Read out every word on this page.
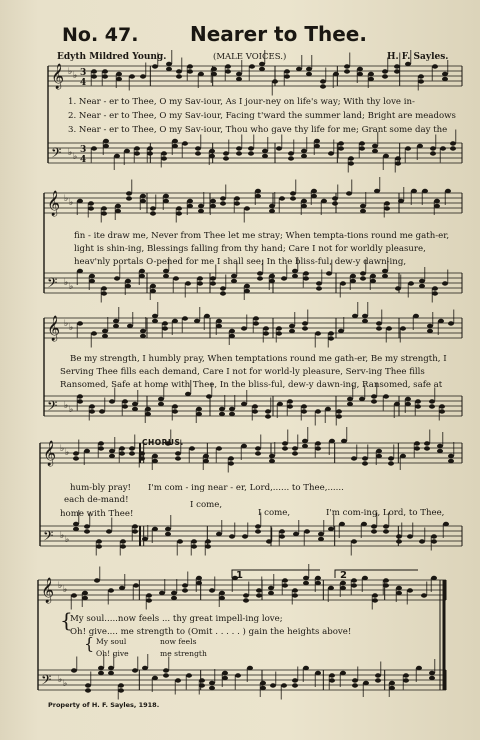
No. 47.	Nearer to Thee.
Edyth Mildred Young.	(MALE VOICES.)	H. F. Sayles.
𝄞 ♭ ♭ 3
4
𝄢 ♭ ♭
3
4
𝄞 ♭ ♭
𝄢 ♭ ♭
𝄞 ♭ ♭
𝄢 ♭ ♭
𝄞 ♭ ♭
𝄢 ♭ ♭
𝄞 ♭ ♭
𝄢 ♭ ♭
1	2
1. Near - er to Thee, O my Sav-iour, As I jour-ney on life's way; With thy love in-
2. Near - er to Thee, O my Sav-iour, Facing t'ward the summer land; Bright are meadows
3. Near - er to Thee, O my Sav-iour, Thou who gave thy life for me; Grant some day the
fin - ite draw me, Never from Thee let me stray; When tempta-tions round me gath-er,
light is shin-ing, Blessings falling from thy hand; Care I not for worldly pleasure,
heav'nly portals O-pened for me I shall see; In the bliss-ful, dew-y dawn-ing,
Be my strength, I humbly pray, When temptations round me gath-er, Be my strength, I
Serving Thee fills each demand, Care I not for world-ly pleasure, Serv-ing Thee fills
Ransomed, Safe at home with Thee, In the bliss-ful, dew-y dawn-ing, Ransomed, safe at
CHORUS.
hum-bly pray!
each de-mand!
home with Thee!
I'm com - ing near - er, Lord,...... to Thee,......
I come,
I come,	I'm com-ing, Lord, to Thee,
{
My soul.....now feels ... thy great impell-ing love;
Oh! give.... me strength to (Omit . . . . . ) gain the heights above!
{ My soul	now feels
Oh! give	me strength
Property of H. F. Sayles, 1918.
